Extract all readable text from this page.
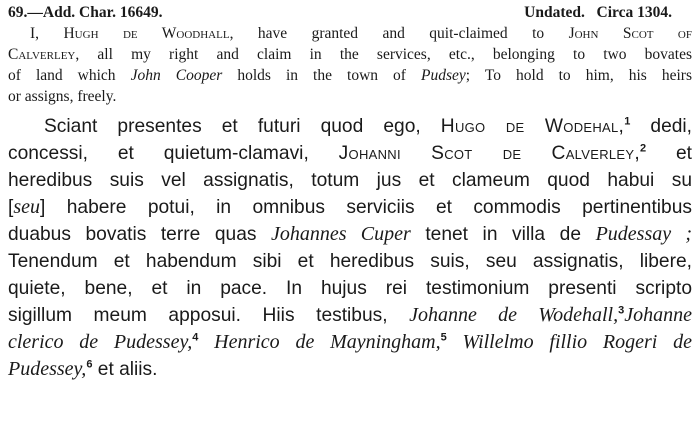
69.—Add. Char. 16649.	Undated. Circa 1304.
I, Hugh de Woodhall, have granted and quit-claimed to John Scot of
Calverley, all my right and claim in the services, etc., belonging to two bovates
of land which John Cooper holds in the town of Pudsey; To hold to him, his heirs
or assigns, freely.
Sciant presentes et futuri quod ego, Hugo de Wodehal,$^1$ dedi,
concessi, et quietum-clamavi, Johanni Scot de Calverley,$^2$ et
heredibus suis vel assignatis, totum jus et clameum quod habui su
[seu] habere potui, in omnibus serviciis et commodis pertinentibus
duabus bovatis terre quas Johannes Cuper tenet in villa de Pudessay ;
Tenendum et habendum sibi et heredibus suis, seu assignatis, libere,
quiete, bene, et in pace. In hujus rei testimonium presenti scripto
sigillum meum apposui. Hiis testibus, Johanne de Wodehall,$^3$Johanne
clerico de Pudessey,$^4$ Henrico de Mayningham,$^5$ Willelmo fillio Rogeri de
Pudessey,$^6$ et aliis.
